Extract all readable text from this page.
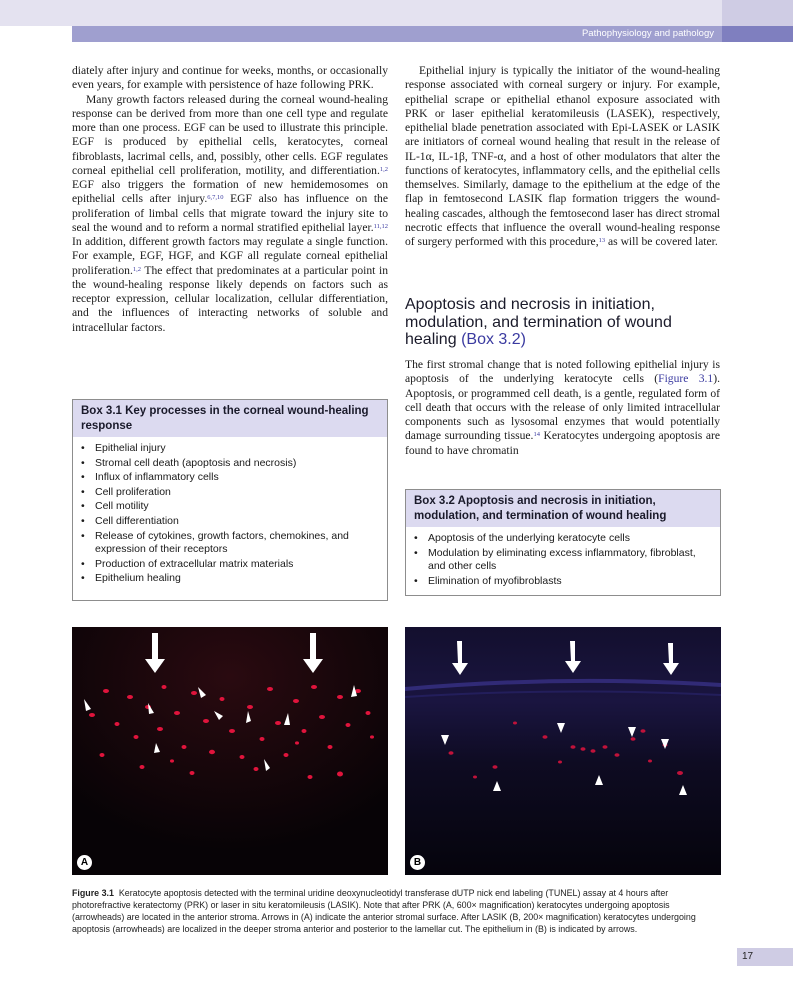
Pathophysiology and pathology

diately after injury and continue for weeks, months, or occasionally even years, for example with persistence of haze following PRK.

Many growth factors released during the corneal wound-healing response can be derived from more than one cell type and regulate more than one process. EGF can be used to illustrate this principle. EGF is produced by epithelial cells, keratocytes, corneal fibroblasts, lacrimal cells, and, possibly, other cells. EGF regulates corneal epithelial cell proliferation, motility, and differentiation.$^{1,2}$ EGF also triggers the formation of new hemidemosomes on epithelial cells after injury.$^{6,7,10}$ EGF also has influence on the proliferation of limbal cells that migrate toward the injury site to seal the wound and to reform a normal stratified epithelial layer.$^{11,12}$ In addition, different growth factors may regulate a single function. For example, EGF, HGF, and KGF all regulate corneal epithelial proliferation.$^{1,2}$ The effect that predominates at a particular point in the wound-healing response likely depends on factors such as receptor expression, cellular localization, cellular differentiation, and the influences of interacting networks of soluble and intracellular factors.

Epithelial injury is typically the initiator of the wound-healing response associated with corneal surgery or injury. For example, epithelial scrape or epithelial ethanol exposure associated with PRK or laser epithelial keratomileusis (LASEK), respectively, epithelial blade penetration associated with Epi-LASEK or LASIK are initiators of corneal wound healing that result in the release of IL-1α, IL-1β, TNF-α, and a host of other modulators that alter the functions of keratocytes, inflammatory cells, and the epithelial cells themselves. Similarly, damage to the epithelium at the edge of the flap in femtosecond LASIK flap formation triggers the wound-healing cascades, although the femtosecond laser has direct stromal necrotic effects that influence the overall wound-healing response of surgery performed with this procedure,$^{13}$ as will be covered later.

Apoptosis and necrosis in initiation, modulation, and termination of wound healing (Box 3.2)
The first stromal change that is noted following epithelial injury is apoptosis of the underlying keratocyte cells (Figure 3.1). Apoptosis, or programmed cell death, is a gentle, regulated form of cell death that occurs with the release of only limited intracellular components such as lysosomal enzymes that would potentially damage surrounding tissue.$^{14}$ Keratocytes undergoing apoptosis are found to have chromatin
Box 3.1 Key processes in the corneal wound-healing response
• Epithelial injury
• Stromal cell death (apoptosis and necrosis)
• Influx of inflammatory cells
• Cell proliferation
• Cell motility
• Cell differentiation
• Release of cytokines, growth factors, chemokines, and expression of their receptors
• Production of extracellular matrix materials
• Epithelium healing
Box 3.2 Apoptosis and necrosis in initiation, modulation, and termination of wound healing
• Apoptosis of the underlying keratocyte cells
• Modulation by eliminating excess inflammatory, fibroblast, and other cells
• Elimination of myofibroblasts
A	B
Figure 3.1 Keratocyte apoptosis detected with the terminal uridine deoxynucleotidyl transferase dUTP nick end labeling (TUNEL) assay at 4 hours after photorefractive keratectomy (PRK) or laser in situ keratomileusis (LASIK). Note that after PRK (A, 600× magnification) keratocytes undergoing apoptosis (arrowheads) are located in the anterior stroma. Arrows in (A) indicate the anterior stromal surface. After LASIK (B, 200× magnification) keratocytes undergoing apoptosis (arrowheads) are localized in the deeper stroma anterior and posterior to the lamellar cut. The epithelium in (B) is indicated by arrows.
17
